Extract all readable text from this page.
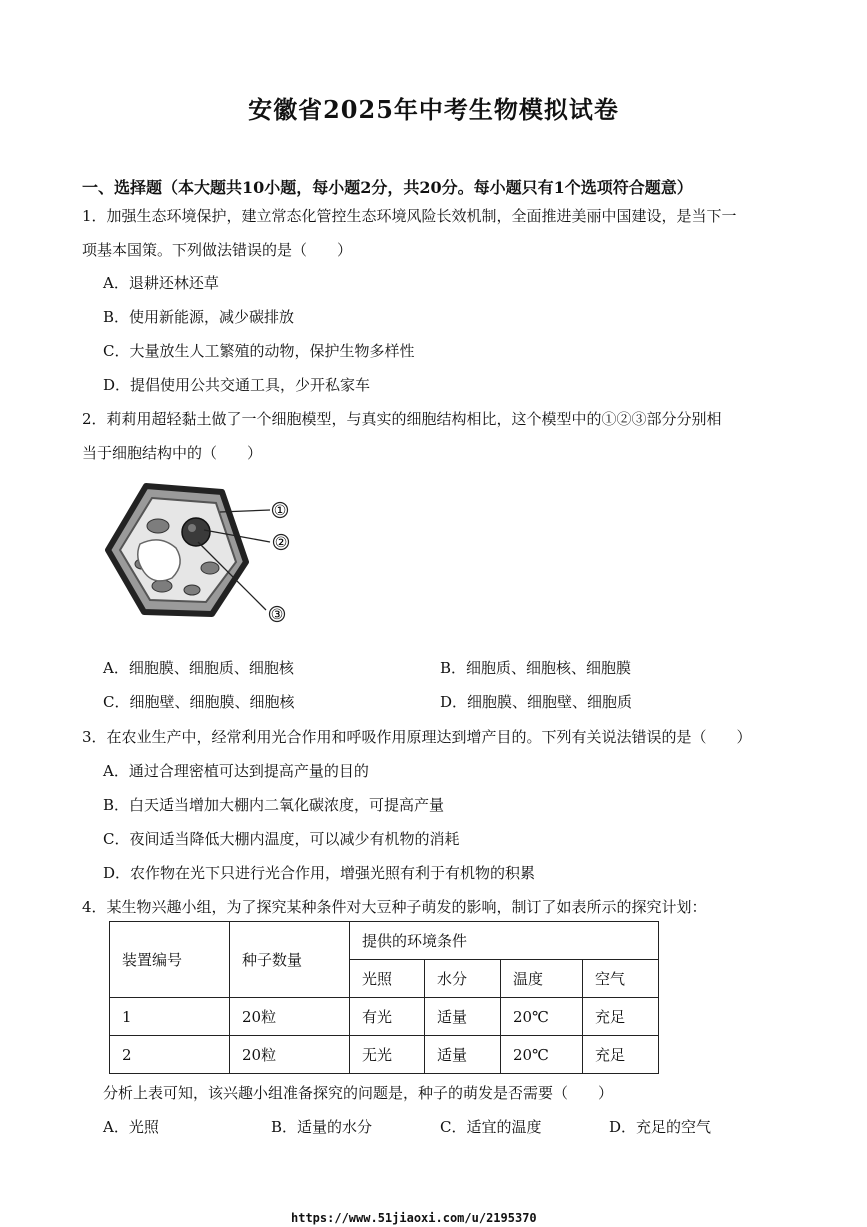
安徽省2025年中考生物模拟试卷
一、选择题（本大题共10小题，每小题2分，共20分。每小题只有1个选项符合题意）
1．加强生态环境保护，建立常态化管控生态环境风险长效机制，全面推进美丽中国建设，是当下一
项基本国策。下列做法错误的是（　　）
A．退耕还林还草
B．使用新能源，减少碳排放
C．大量放生人工繁殖的动物，保护生物多样性
D．提倡使用公共交通工具，少开私家车
2．莉莉用超轻黏土做了一个细胞模型，与真实的细胞结构相比，这个模型中的①②③部分分别相
当于细胞结构中的（　　）
①
②
③
A．细胞膜、细胞质、细胞核	B．细胞质、细胞核、细胞膜
C．细胞壁、细胞膜、细胞核	D．细胞膜、细胞壁、细胞质
3．在农业生产中，经常利用光合作用和呼吸作用原理达到增产目的。下列有关说法错误的是（　　）
A．通过合理密植可达到提高产量的目的
B．白天适当增加大棚内二氧化碳浓度，可提高产量
C．夜间适当降低大棚内温度，可以减少有机物的消耗
D．农作物在光下只进行光合作用，增强光照有利于有机物的积累
4．某生物兴趣小组，为了探究某种条件对大豆种子萌发的影响，制订了如表所示的探究计划：
装置编号	种子数量	提供的环境条件			
		光照	水分	温度	空气
1	20粒	有光	适量	20℃	充足
2	20粒	无光	适量	20℃	充足
分析上表可知，该兴趣小组准备探究的问题是，种子的萌发是否需要（　　）
A．光照	B．适量的水分	C．适宜的温度	D．充足的空气
https://www.51jiaoxi.com/u/2195370
